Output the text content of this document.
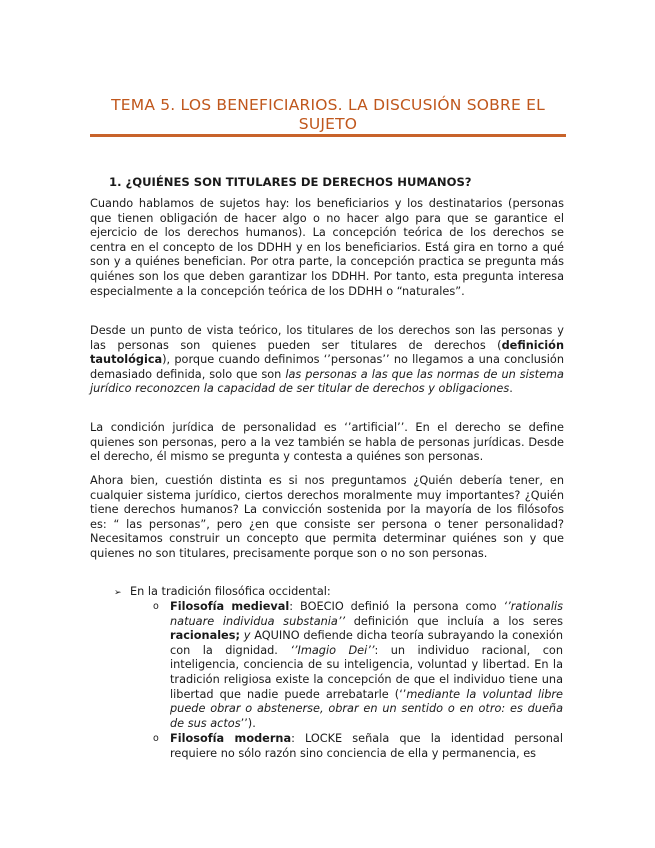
TEMA 5. LOS BENEFICIARIOS. LA DISCUSIÓN SOBRE EL SUJETO
1. ¿QUIÉNES SON TITULARES DE DERECHOS HUMANOS?

Cuando hablamos de sujetos hay: los beneficiarios y los destinatarios (personas que tienen obligación de hacer algo o no hacer algo para que se garantice el ejercicio de los derechos humanos). La concepción teórica de los derechos se centra en el concepto de los DDHH y en los beneficiarios. Está gira en torno a qué son y a quiénes benefician. Por otra parte, la concepción practica se pregunta más quiénes son los que deben garantizar los DDHH. Por tanto, esta pregunta interesa especialmente a la concepción teórica de los DDHH o “naturales”.

Desde un punto de vista teórico, los titulares de los derechos son las personas y las personas son quienes pueden ser titulares de derechos (definición tautológica), porque cuando definimos ‘’personas’’ no llegamos a una conclusión demasiado definida, solo que son las personas a las que las normas de un sistema jurídico reconozcen la capacidad de ser titular de derechos y obligaciones.

La condición jurídica de personalidad es ‘’artificial’’. En el derecho se define quienes son personas, pero a la vez también se habla de personas jurídicas. Desde el derecho, él mismo se pregunta y contesta a quiénes son personas.

Ahora bien, cuestión distinta es si nos preguntamos ¿Quién debería tener, en cualquier sistema jurídico, ciertos derechos moralmente muy importantes? ¿Quién tiene derechos humanos? La convicción sostenida por la mayoría de los filósofos es: “ las personas”, pero ¿en que consiste ser persona o tener personalidad? Necesitamos construir un concepto que permita determinar quiénes son y que quienes no son titulares, precisamente porque son o no son personas.

➢ En la tradición filosófica occidental:
o Filosofía medieval: BOECIO definió la persona como ‘’rationalis natuare individua substania’’ definición que incluía a los seres racionales; y AQUINO defiende dicha teoría subrayando la conexión con la dignidad. ‘’Imagio Dei’’: un individuo racional, con inteligencia, conciencia de su inteligencia, voluntad y libertad. En la tradición religiosa existe la concepción de que el individuo tiene una libertad que nadie puede arrebatarle (‘’mediante la voluntad libre puede obrar o abstenerse, obrar en un sentido o en otro: es dueña de sus actos’’).

o Filosofía moderna: LOCKE señala que la identidad personal requiere no sólo razón sino conciencia de ella y permanencia, es
